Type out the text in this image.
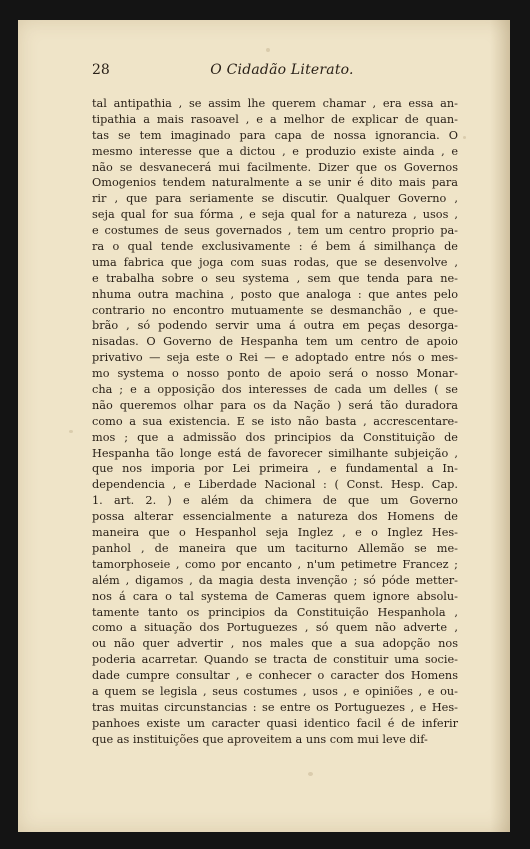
28	O Cidadão Literato.
tal antipathia , se assim lhe querem chamar , era essa an-
tipathia a mais rasoavel , e a melhor de explicar de quan-
tas se tem imaginado para capa de nossa ignorancia. O
mesmo interesse que a dictou , e produzio existe ainda , e
não se desvanecerá mui facilmente. Dizer que os Governos
Omogenios tendem naturalmente a se unir é dito mais para
rir , que para seriamente se discutir. Qualquer Governo ,
seja qual for sua fórma , e seja qual for a natureza , usos ,
e costumes de seus governados , tem um centro proprio pa-
ra o qual tende exclusivamente : é bem á similhança de
uma fabrica que joga com suas rodas, que se desenvolve ,
e trabalha sobre o seu systema , sem que tenda para ne-
nhuma outra machina , posto que analoga : que antes pelo
contrario no encontro mutuamente se desmanchão , e que-
brão , só podendo servir uma á outra em peças desorga-
nisadas. O Governo de Hespanha tem um centro de apoio
privativo — seja este o Rei — e adoptado entre nós o mes-
mo systema o nosso ponto de apoio será o nosso Monar-
cha ; e a opposição dos interesses de cada um delles ( se
não queremos olhar para os da Nação ) será tão duradora
como a sua existencia. E se isto não basta , accrescentare-
mos ; que a admissão dos principios da Constituição de
Hespanha tão longe está de favorecer similhante subjeição ,
que nos imporia por Lei primeira , e fundamental a In-
dependencia , e Liberdade Nacional : ( Const. Hesp. Cap.
1. art. 2. ) e além da chimera de que um Governo
possa alterar essencialmente a natureza dos Homens de
maneira que o Hespanhol seja Inglez , e o Inglez Hes-
panhol , de maneira que um taciturno Allemão se me-
tamorphoseie , como por encanto , n'um petimetre Francez ;
além , digamos , da magia desta invenção ; só póde metter-
nos á cara o tal systema de Cameras quem ignore absolu-
tamente tanto os principios da Constituição Hespanhola ,
como a situação dos Portuguezes , só quem não adverte ,
ou não quer advertir , nos males que a sua adopção nos
poderia acarretar. Quando se tracta de constituir uma socie-
dade cumpre consultar , e conhecer o caracter dos Homens
a quem se legisla , seus costumes , usos , e opiniões , e ou-
tras muitas circunstancias : se entre os Portuguezes , e Hes-
panhoes existe um caracter quasi identico facil é de inferir
que as instituições que aproveitem a uns com mui leve dif-
